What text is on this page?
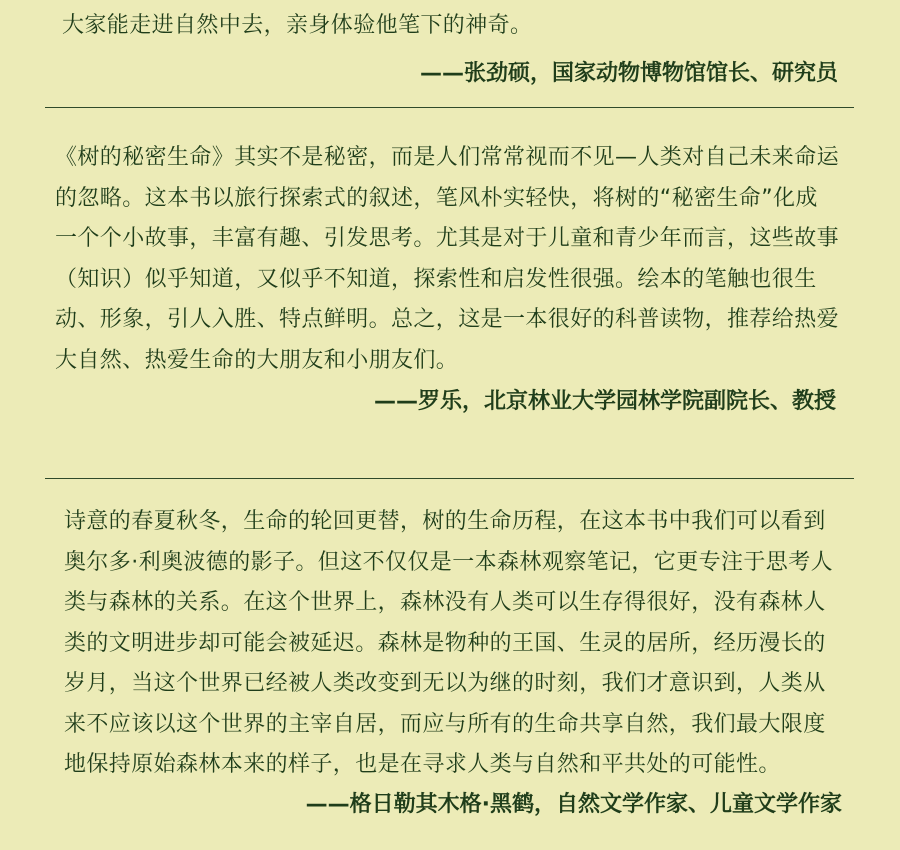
大家能走进自然中去，亲身体验他笔下的神奇。

——张劲硕，国家动物博物馆馆长、研究员

《树的秘密生命》其实不是秘密，而是人们常常视而不见—人类对自己未来命运的忽略。这本书以旅行探索式的叙述，笔风朴实轻快，将树的“秘密生命”化成一个个小故事，丰富有趣、引发思考。尤其是对于儿童和青少年而言，这些故事（知识）似乎知道，又似乎不知道，探索性和启发性很强。绘本的笔触也很生动、形象，引人入胜、特点鲜明。总之，这是一本很好的科普读物，推荐给热爱大自然、热爱生命的大朋友和小朋友们。

——罗乐，北京林业大学园林学院副院长、教授

诗意的春夏秋冬，生命的轮回更替，树的生命历程，在这本书中我们可以看到奥尔多·利奥波德的影子。但这不仅仅是一本森林观察笔记，它更专注于思考人类与森林的关系。在这个世界上，森林没有人类可以生存得很好，没有森林人类的文明进步却可能会被延迟。森林是物种的王国、生灵的居所，经历漫长的岁月，当这个世界已经被人类改变到无以为继的时刻，我们才意识到，人类从来不应该以这个世界的主宰自居，而应与所有的生命共享自然，我们最大限度地保持原始森林本来的样子，也是在寻求人类与自然和平共处的可能性。

——格日勒其木格·黑鹤，自然文学作家、儿童文学作家
